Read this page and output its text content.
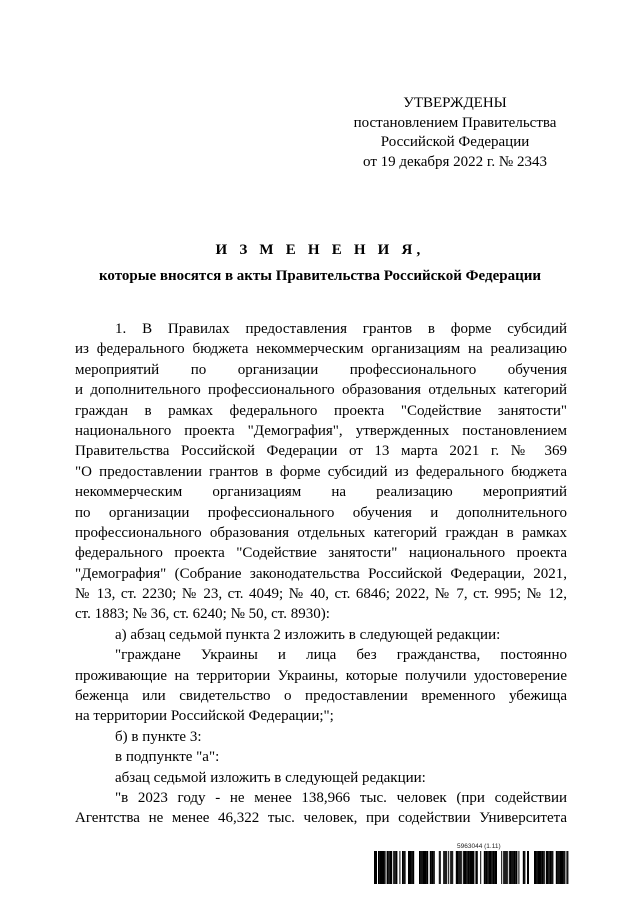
УТВЕРЖДЕНЫ
постановлением Правительства
Российской Федерации
от 19 декабря 2022 г. № 2343
И З М Е Н Е Н И Я,
которые вносятся в акты Правительства Российской Федерации
1. В Правилах предоставления грантов в форме субсидий
из федерального бюджета некоммерческим организациям на реализацию
мероприятий по организации профессионального обучения
и дополнительного профессионального образования отдельных категорий
граждан в рамках федерального проекта "Содействие занятости"
национального проекта "Демография", утвержденных постановлением
Правительства Российской Федерации от 13 марта 2021 г. № 369
"О предоставлении грантов в форме субсидий из федерального бюджета
некоммерческим организациям на реализацию мероприятий
по организации профессионального обучения и дополнительного
профессионального образования отдельных категорий граждан в рамках
федерального проекта "Содействие занятости" национального проекта
"Демография" (Собрание законодательства Российской Федерации, 2021,
№ 13, ст. 2230; № 23, ст. 4049; № 40, ст. 6846; 2022, № 7, ст. 995; № 12,
ст. 1883; № 36, ст. 6240; № 50, ст. 8930):
а) абзац седьмой пункта 2 изложить в следующей редакции:
"граждане Украины и лица без гражданства, постоянно
проживающие на территории Украины, которые получили удостоверение
беженца или свидетельство о предоставлении временного убежища
на территории Российской Федерации;";
б) в пункте 3:
в подпункте "а":
абзац седьмой изложить в следующей редакции:
"в 2023 году - не менее 138,966 тыс. человек (при содействии
Агентства не менее 46,322 тыс. человек, при содействии Университета
5963044 (1.11)
